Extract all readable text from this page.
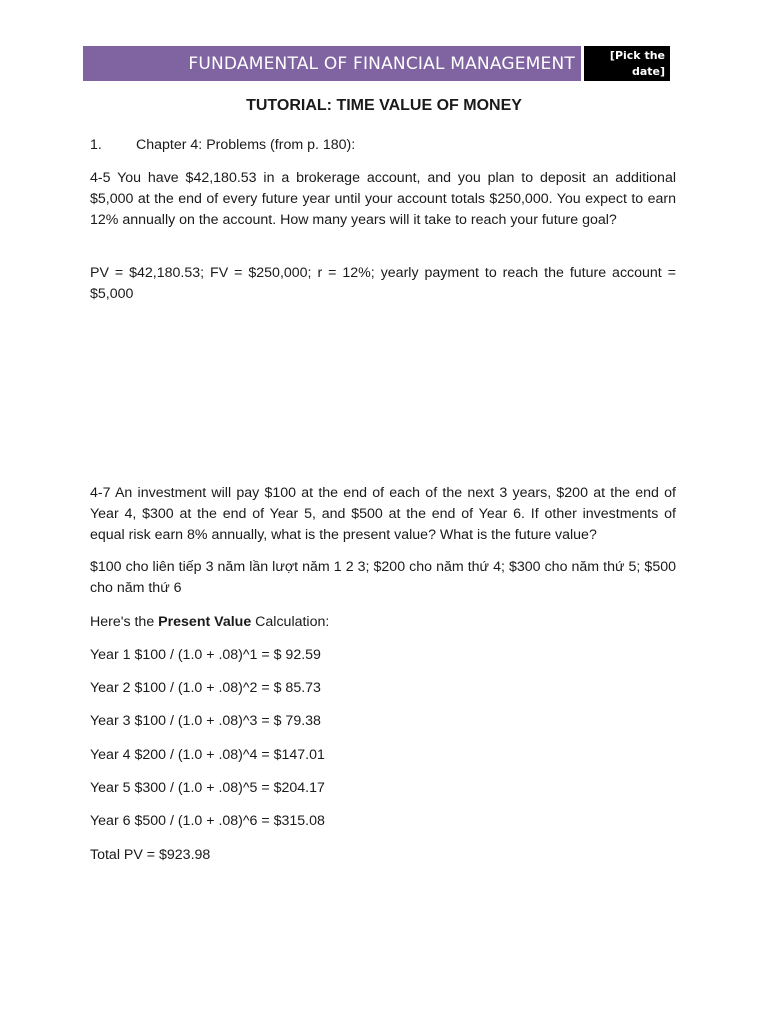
FUNDAMENTAL OF FINANCIAL MANAGEMENT	[Pick the
date]
TUTORIAL: TIME VALUE OF MONEY

1. Chapter 4: Problems (from p. 180):

4-5 You have $42,180.53 in a brokerage account, and you plan to deposit an additional $5,000 at the end of every future year until your account totals $250,000. You expect to earn 12% annually on the account. How many years will it take to reach your future goal?

PV = $42,180.53; FV = $250,000; r = 12%; yearly payment to reach the future account = $5,000

4-7 An investment will pay $100 at the end of each of the next 3 years, $200 at the end of Year 4, $300 at the end of Year 5, and $500 at the end of Year 6. If other investments of equal risk earn 8% annually, what is the present value? What is the future value?

$100 cho liên tiếp 3 năm lần lượt năm 1 2 3; $200 cho năm thứ 4; $300 cho năm thứ 5; $500 cho năm thứ 6

Here's the Present Value Calculation:

Year 1 $100 / (1.0 + .08)^1 = $ 92.59

Year 2 $100 / (1.0 + .08)^2 = $ 85.73

Year 3 $100 / (1.0 + .08)^3 = $ 79.38

Year 4 $200 / (1.0 + .08)^4 = $147.01

Year 5 $300 / (1.0 + .08)^5 = $204.17

Year 6 $500 / (1.0 + .08)^6 = $315.08

Total PV = $923.98
